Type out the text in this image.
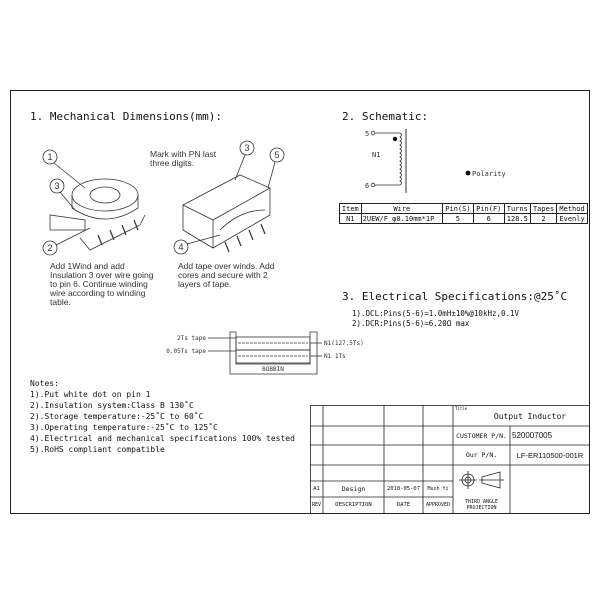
1. Mechanical Dimensions(mm):	2. Schematic:
1
2
3
4
5
3
Mark with PN last three digits.
Add 1Wind and add Insulation 3 over wire going to pin 6. Continue winding wire according to winding table.
Add tape over winds. Add cores and secure with 2 layers of tape.
2Ts tape
0.05Ts tape
N1(127.5Ts)
N1 1Ts
BOBBIN
5
6
N1
Polarity
Item	Wire	Pin(S)	Pin(F)	Turns	Tapes	Method
N1	2UEW/F φ0.10mm*1P	5	6	128.5	2	Evenly
3. Electrical Specifications:@25˚C
1).OCL:Pins(5-6)=1.0mH±10%@10kHz,0.1V
2).DCR:Pins(5-6)=6.20Ω max
Notes:
1).Put white dot on pin 1
2).Insulation system:Class B 130˚C
2).Storage temperature:-25˚C to 60˚C
3).Operating temperature:-25˚C to 125˚C
4).Electrical and mechanical specifications 100% tested
5).RoHS compliant compatible
Title
Output Inductor
CUSTOMER P/N. 520007005
Our P/N.	LF-ER110500-001R
THIRD ANGLE PROJECTION
A1	Design	2018-05-07	Mush Yi
REV	DESCRIPTION	DATE	APPROVED
